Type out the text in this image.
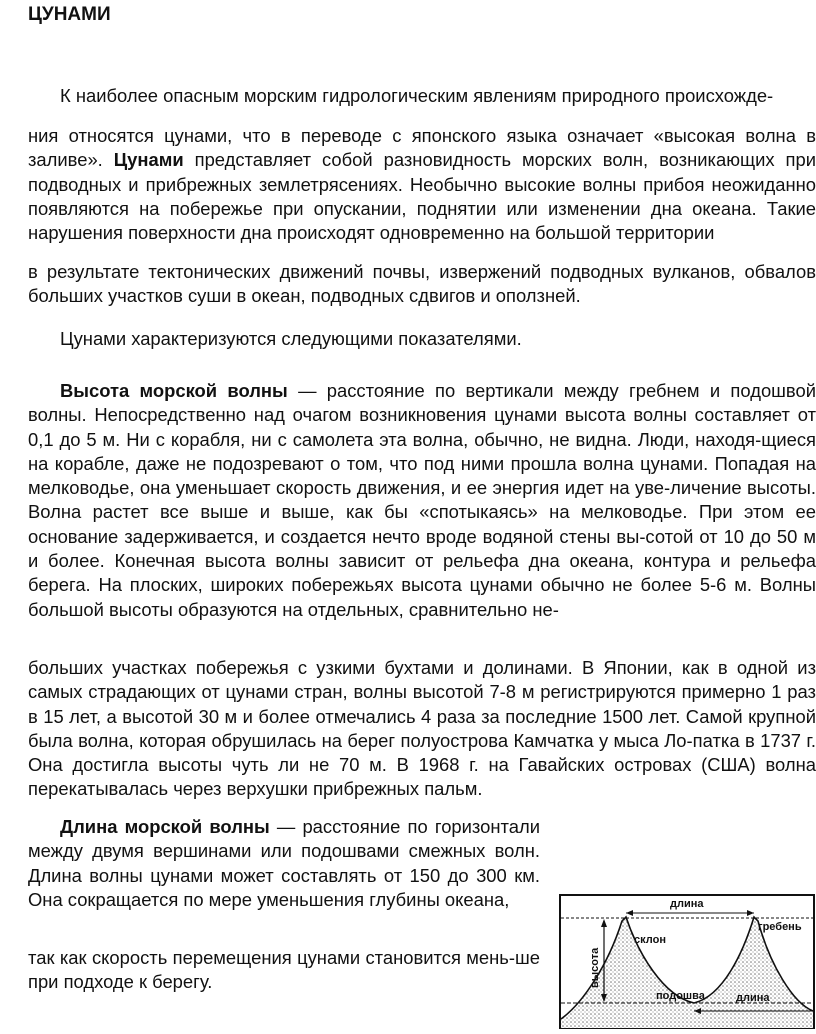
ЦУНАМИ
К наиболее опасным морским гидрологическим явлениям природного происхожде-
ния относятся цунами, что в переводе с японского языка означает «высокая волна в заливе». Цунами представляет собой разновидность морских волн, возникающих при подводных и прибрежных землетрясениях. Необычно высокие волны прибоя неожиданно появляются на побережье при опускании, поднятии или изменении дна океана. Такие нарушения поверхности дна происходят одновременно на большой территории
в результате тектонических движений почвы, извержений подводных вулканов, обвалов больших участков суши в океан, подводных сдвигов и оползней.
Цунами характеризуются следующими показателями.
Высота морской волны — расстояние по вертикали между гребнем и подошвой волны. Непосредственно над очагом возникновения цунами высота волны составляет от 0,1 до 5 м. Ни с корабля, ни с самолета эта волна, обычно, не видна. Люди, находя-щиеся на корабле, даже не подозревают о том, что под ними прошла волна цунами. Попадая на мелководье, она уменьшает скорость движения, и ее энергия идет на уве-личение высоты. Волна растет все выше и выше, как бы «спотыкаясь» на мелководье. При этом ее основание задерживается, и создается нечто вроде водяной стены вы-сотой от 10 до 50 м и более. Конечная высота волны зависит от рельефа дна океана, контура и рельефа берега. На плоских, широких побережьях высота цунами обычно не более 5-6 м. Волны большой высоты образуются на отдельных, сравнительно не-
больших участках побережья с узкими бухтами и долинами. В Японии, как в одной из самых страдающих от цунами стран, волны высотой 7-8 м регистрируются примерно 1 раз в 15 лет, а высотой 30 м и более отмечались 4 раза за последние 1500 лет. Самой крупной была волна, которая обрушилась на берег полуострова Камчатка у мыса Ло-патка в 1737 г. Она достигла высоты чуть ли не 70 м. В 1968 г. на Гавайских островах (США) волна перекатывалась через верхушки прибрежных пальм.
Длина морской волны — расстояние по горизонтали между двумя вершинами или подошвами смежных волн. Длина волны цунами может составлять от 150 до 300 км. Она сокращается по мере уменьшения глубины океана,
так как скорость перемещения цунами становится мень-ше при подходе к берегу.
длина
гребень
склон
высота
подошва	длина
